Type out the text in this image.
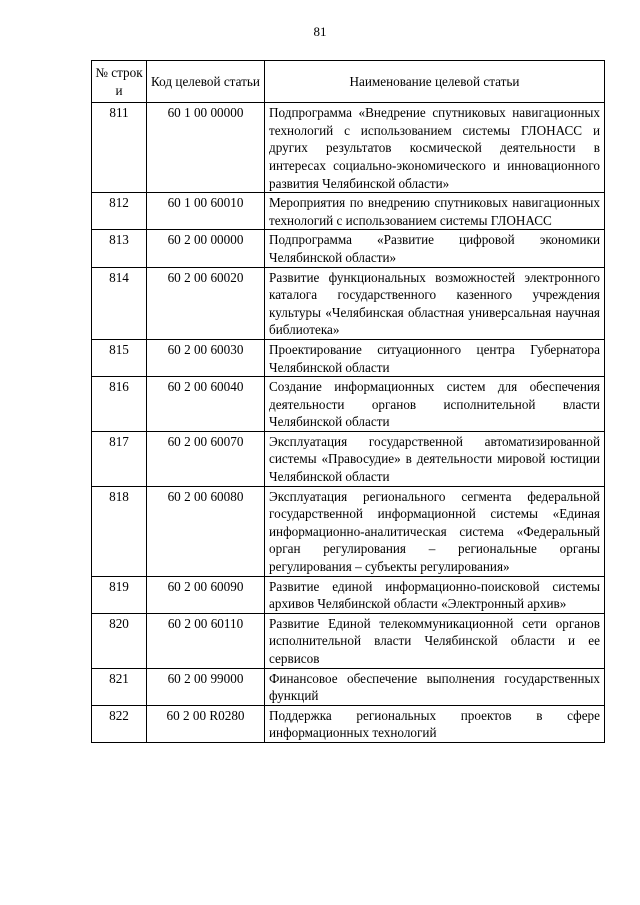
81
№ строк и	Код целевой статьи	Наименование целевой статьи
811	60 1 00 00000	Подпрограмма «Внедрение спутниковых навигационных технологий с использованием системы ГЛОНАСС и других результатов космической деятельности в интересах социально-экономического и инновационного развития Челябинской области»
812	60 1 00 60010	Мероприятия по внедрению спутниковых навигационных технологий с использованием системы ГЛОНАСС
813	60 2 00 00000	Подпрограмма «Развитие цифровой экономики Челябинской области»
814	60 2 00 60020	Развитие функциональных возможностей электронного каталога государственного казенного учреждения культуры «Челябинская областная универсальная научная библиотека»
815	60 2 00 60030	Проектирование ситуационного центра Губернатора Челябинской области
816	60 2 00 60040	Создание информационных систем для обеспечения деятельности органов исполнительной власти Челябинской области
817	60 2 00 60070	Эксплуатация государственной автоматизированной системы «Правосудие» в деятельности мировой юстиции Челябинской области
818	60 2 00 60080	Эксплуатация регионального сегмента федеральной государственной информационной системы «Единая информационно-аналитическая система «Федеральный орган регулирования – региональные органы регулирования – субъекты регулирования»
819	60 2 00 60090	Развитие единой информационно-поисковой системы архивов Челябинской области «Электронный архив»
820	60 2 00 60110	Развитие Единой телекоммуникационной сети органов исполнительной власти Челябинской области и ее сервисов
821	60 2 00 99000	Финансовое обеспечение выполнения государственных функций
822	60 2 00 R0280	Поддержка региональных проектов в сфере информационных технологий
